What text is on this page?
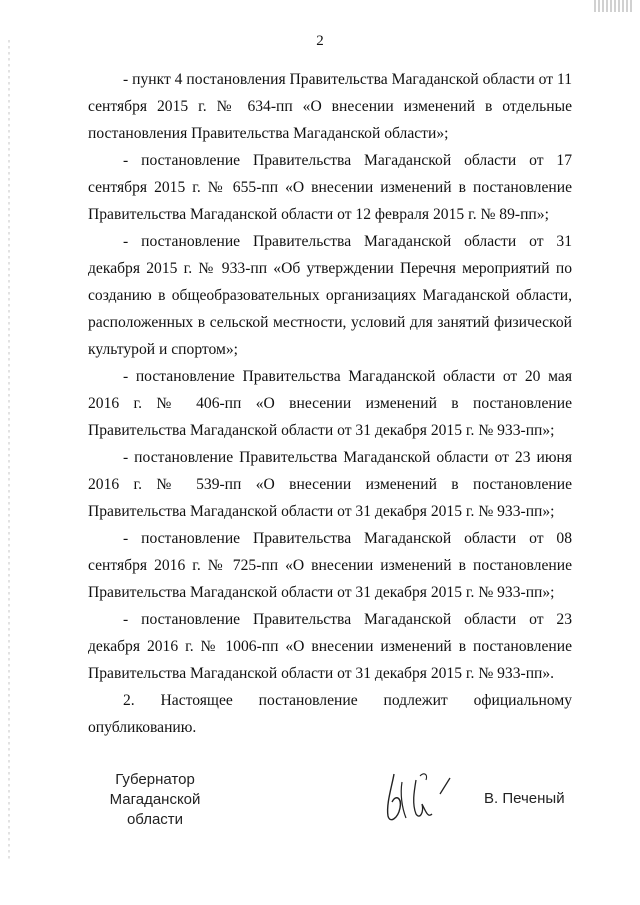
2

- пункт 4 постановления Правительства Магаданской области от 11 сентября 2015 г. № 634-пп «О внесении изменений в отдельные постановления Правительства Магаданской области»;

- постановление Правительства Магаданской области от 17 сентября 2015 г. № 655-пп «О внесении изменений в постановление Правительства Магаданской области от 12 февраля 2015 г. № 89-пп»;

- постановление Правительства Магаданской области от 31 декабря 2015 г. № 933-пп «Об утверждении Перечня мероприятий по созданию в общеобразовательных организациях Магаданской области, расположенных в сельской местности, условий для занятий физической культурой и спортом»;

- постановление Правительства Магаданской области от 20 мая 2016 г. № 406-пп «О внесении изменений в постановление Правительства Магаданской области от 31 декабря 2015 г. № 933-пп»;

- постановление Правительства Магаданской области от 23 июня 2016 г. № 539-пп «О внесении изменений в постановление Правительства Магаданской области от 31 декабря 2015 г. № 933-пп»;

- постановление Правительства Магаданской области от 08 сентября 2016 г. № 725-пп «О внесении изменений в постановление Правительства Магаданской области от 31 декабря 2015 г. № 933-пп»;

- постановление Правительства Магаданской области от 23 декабря 2016 г. № 1006-пп «О внесении изменений в постановление Правительства Магаданской области от 31 декабря 2015 г. № 933-пп».

2. Настоящее постановление подлежит официальному опубликованию.

Губернатор
Магаданской области
В. Печеный
